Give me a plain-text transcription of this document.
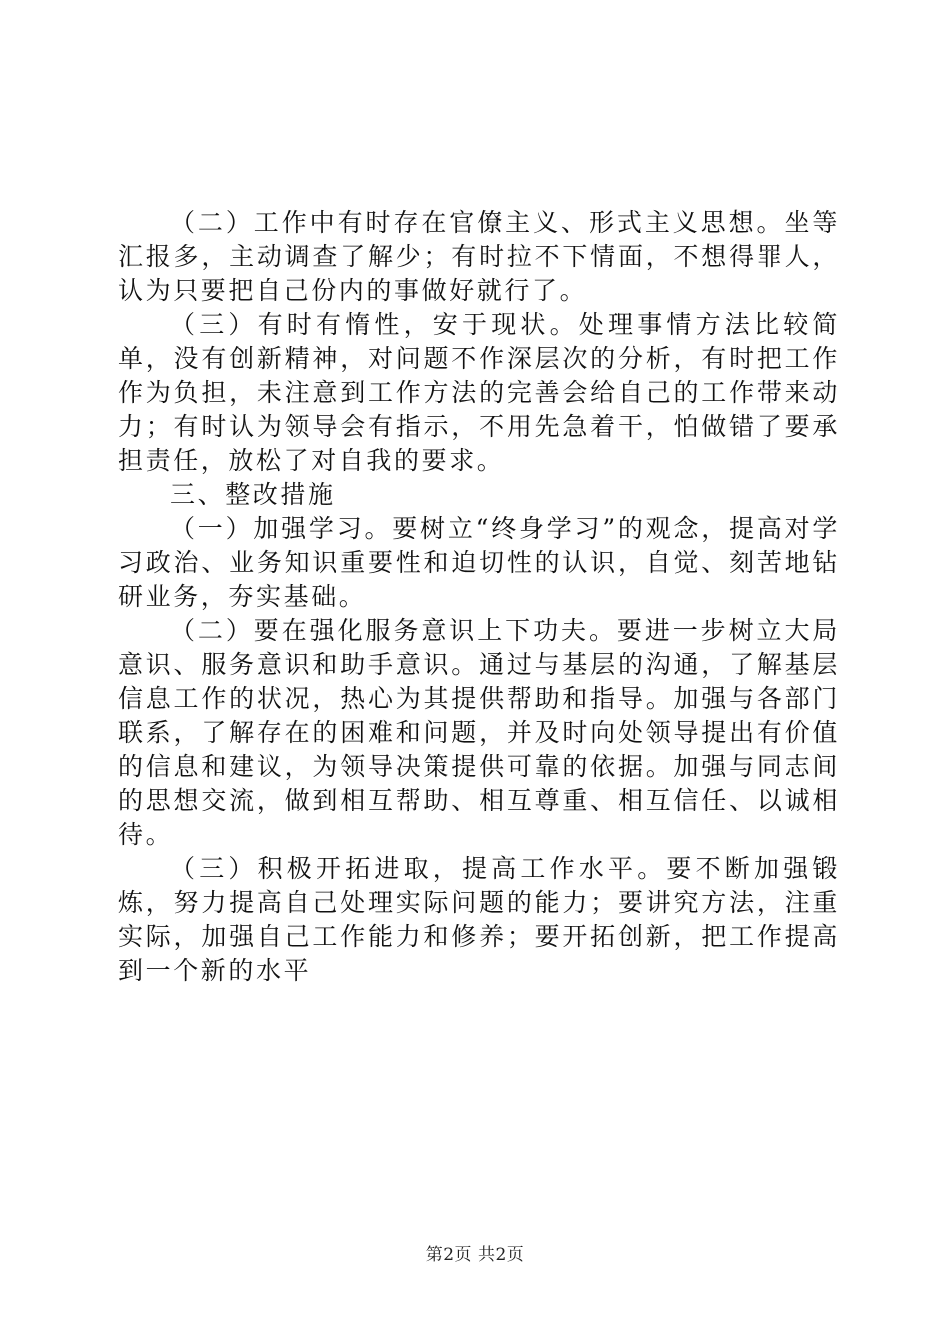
（二）工作中有时存在官僚主义、形式主义思想。坐等汇报多，主动调查了解少；有时拉不下情面，不想得罪人，认为只要把自己份内的事做好就行了。

（三）有时有惰性，安于现状。处理事情方法比较简单，没有创新精神，对问题不作深层次的分析，有时把工作作为负担，未注意到工作方法的完善会给自己的工作带来动力；有时认为领导会有指示，不用先急着干，怕做错了要承担责任，放松了对自我的要求。

三、整改措施

（一）加强学习。要树立“终身学习”的观念，提高对学习政治、业务知识重要性和迫切性的认识，自觉、刻苦地钻研业务，夯实基础。

（二）要在强化服务意识上下功夫。要进一步树立大局意识、服务意识和助手意识。通过与基层的沟通，了解基层信息工作的状况，热心为其提供帮助和指导。加强与各部门联系，了解存在的困难和问题，并及时向处领导提出有价值的信息和建议，为领导决策提供可靠的依据。加强与同志间的思想交流，做到相互帮助、相互尊重、相互信任、以诚相待。

（三）积极开拓进取，提高工作水平。要不断加强锻炼，努力提高自己处理实际问题的能力；要讲究方法，注重实际，加强自己工作能力和修养；要开拓创新，把工作提高到一个新的水平

第2页 共2页
